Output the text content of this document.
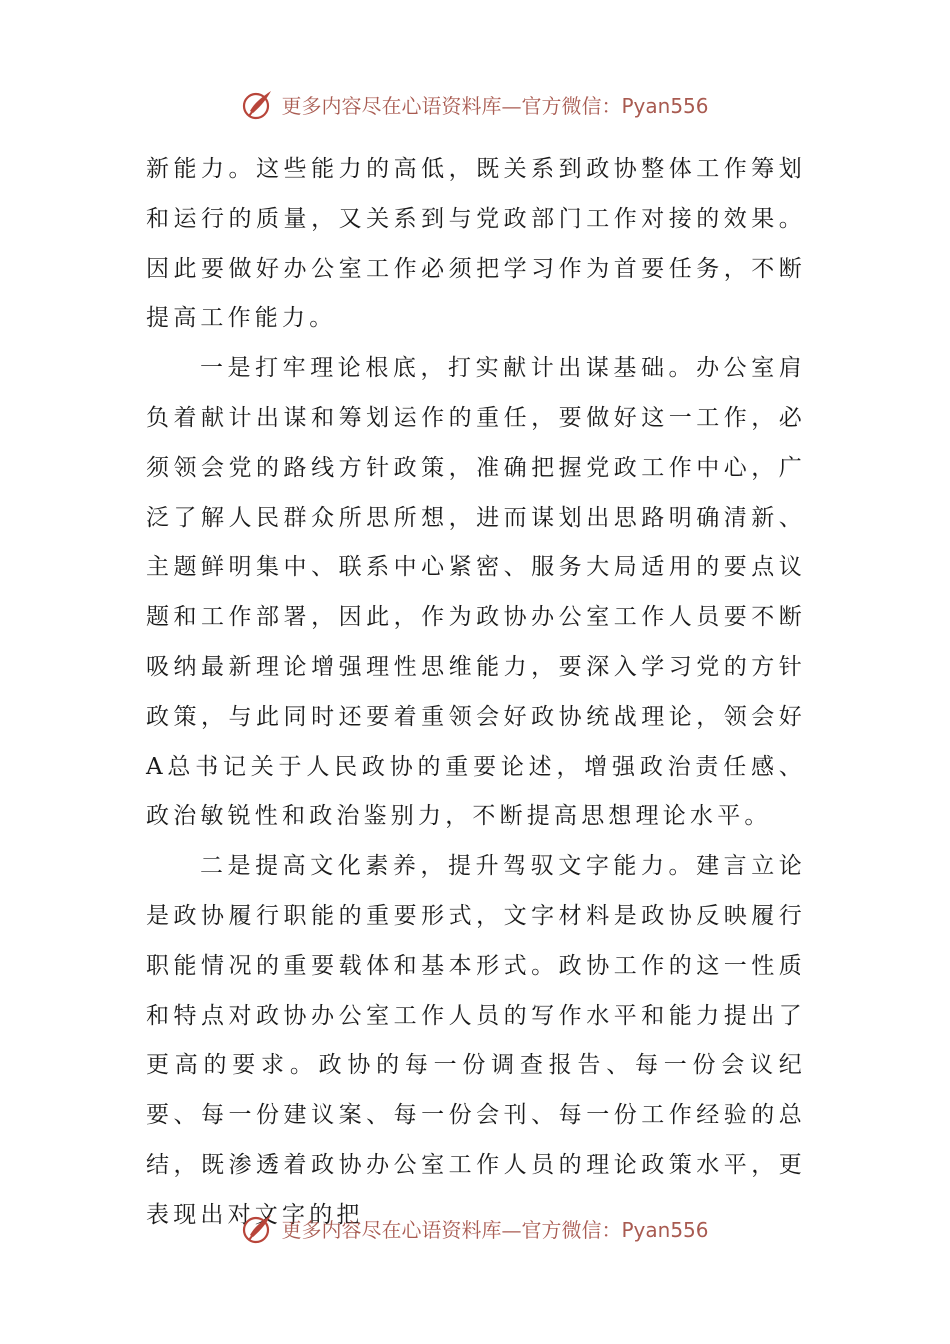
更多内容尽在心语资料库—官方微信：Pyan556

新能力。这些能力的高低，既关系到政协整体工作筹划和运行的质量，又关系到与党政部门工作对接的效果。因此要做好办公室工作必须把学习作为首要任务，不断提高工作能力。

一是打牢理论根底，打实献计出谋基础。办公室肩负着献计出谋和筹划运作的重任，要做好这一工作，必须领会党的路线方针政策，准确把握党政工作中心，广泛了解人民群众所思所想，进而谋划出思路明确清新、主题鲜明集中、联系中心紧密、服务大局适用的要点议题和工作部署，因此，作为政协办公室工作人员要不断吸纳最新理论增强理性思维能力，要深入学习党的方针政策，与此同时还要着重领会好政协统战理论，领会好A总书记关于人民政协的重要论述，增强政治责任感、政治敏锐性和政治鉴别力，不断提高思想理论水平。

二是提高文化素养，提升驾驭文字能力。建言立论是政协履行职能的重要形式，文字材料是政协反映履行职能情况的重要载体和基本形式。政协工作的这一性质和特点对政协办公室工作人员的写作水平和能力提出了更高的要求。政协的每一份调查报告、每一份会议纪要、每一份建议案、每一份会刊、每一份工作经验的总结，既渗透着政协办公室工作人员的理论政策水平，更表现出对文字的把

更多内容尽在心语资料库—官方微信：Pyan556
